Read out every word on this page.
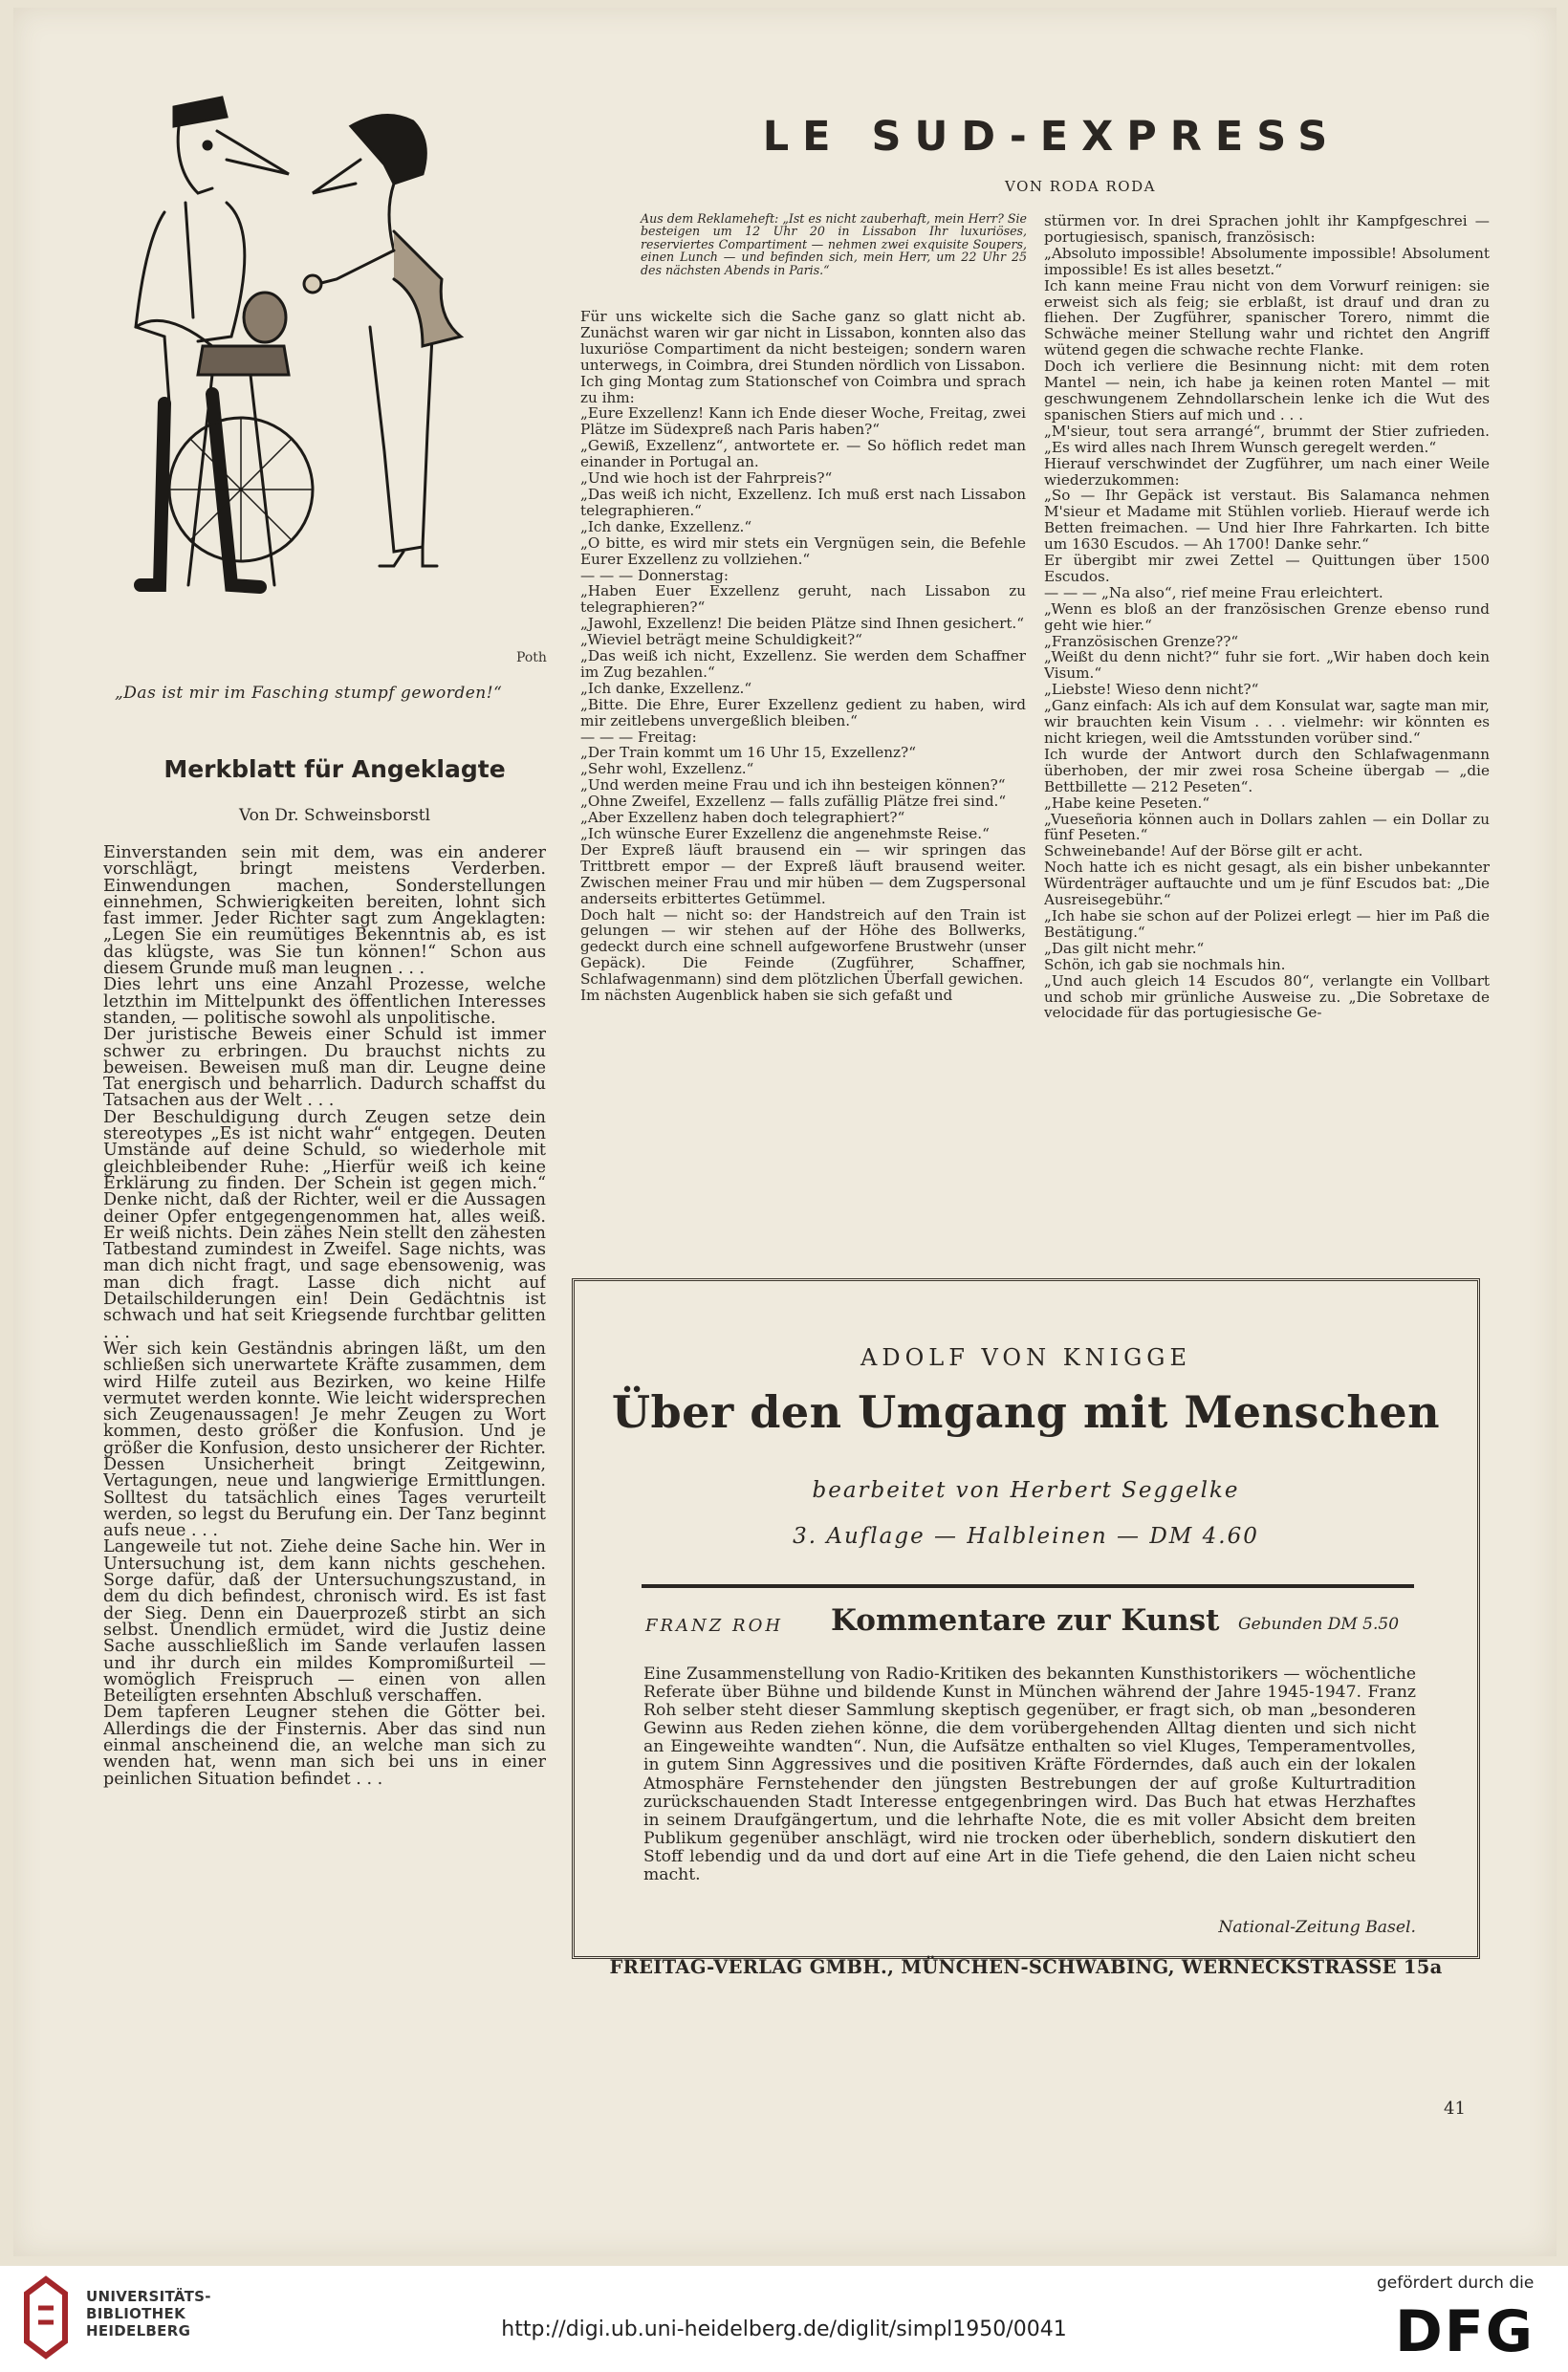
Poth
„Das ist mir im Fasching stumpf geworden!“
Merkblatt für Angeklagte
Von Dr. Schweinsborstl
Einverstanden sein mit dem, was ein anderer vorschlägt, bringt meistens Verderben. Einwendungen machen, Sonderstellungen einnehmen, Schwierigkeiten bereiten, lohnt sich fast immer. Jeder Richter sagt zum Angeklagten: „Legen Sie ein reumütiges Bekenntnis ab, es ist das klügste, was Sie tun können!“ Schon aus diesem Grunde muß man leugnen . . .
Dies lehrt uns eine Anzahl Prozesse, welche letzthin im Mittelpunkt des öffentlichen Interesses standen, — politische sowohl als unpolitische.
Der juristische Beweis einer Schuld ist immer schwer zu erbringen. Du brauchst nichts zu beweisen. Beweisen muß man dir. Leugne deine Tat energisch und beharrlich. Dadurch schaffst du Tatsachen aus der Welt . . .
Der Beschuldigung durch Zeugen setze dein stereotypes „Es ist nicht wahr“ entgegen. Deuten Umstände auf deine Schuld, so wiederhole mit gleichbleibender Ruhe: „Hierfür weiß ich keine Erklärung zu finden. Der Schein ist gegen mich.“ Denke nicht, daß der Richter, weil er die Aussagen deiner Opfer entgegengenommen hat, alles weiß. Er weiß nichts. Dein zähes Nein stellt den zähesten Tatbestand zumindest in Zweifel. Sage nichts, was man dich nicht fragt, und sage ebensowenig, was man dich fragt. Lasse dich nicht auf Detailschilderungen ein! Dein Gedächtnis ist schwach und hat seit Kriegsende furchtbar gelitten . . .
Wer sich kein Geständnis abringen läßt, um den schließen sich unerwartete Kräfte zusammen, dem wird Hilfe zuteil aus Bezirken, wo keine Hilfe vermutet werden konnte. Wie leicht widersprechen sich Zeugenaussagen! Je mehr Zeugen zu Wort kommen, desto größer die Konfusion. Und je größer die Konfusion, desto unsicherer der Richter. Dessen Unsicherheit bringt Zeitgewinn, Vertagungen, neue und langwierige Ermittlungen. Solltest du tatsächlich eines Tages verurteilt werden, so legst du Berufung ein. Der Tanz beginnt aufs neue . . .
Langeweile tut not. Ziehe deine Sache hin. Wer in Untersuchung ist, dem kann nichts geschehen. Sorge dafür, daß der Untersuchungszustand, in dem du dich befindest, chronisch wird. Es ist fast der Sieg. Denn ein Dauerprozeß stirbt an sich selbst. Unendlich ermüdet, wird die Justiz deine Sache ausschließlich im Sande verlaufen lassen und ihr durch ein mildes Kompromißurteil — womöglich Freispruch — einen von allen Beteiligten ersehnten Abschluß verschaffen.
Dem tapferen Leugner stehen die Götter bei. Allerdings die der Finsternis. Aber das sind nun einmal anscheinend die, an welche man sich zu wenden hat, wenn man sich bei uns in einer peinlichen Situation befindet . . .
LE SUD-EXPRESS
VON RODA RODA
Aus dem Reklameheft: „Ist es nicht zauberhaft, mein Herr? Sie besteigen um 12 Uhr 20 in Lissabon Ihr luxuriöses, reserviertes Compartiment — nehmen zwei exquisite Soupers, einen Lunch — und befinden sich, mein Herr, um 22 Uhr 25 des nächsten Abends in Paris.“
Für uns wickelte sich die Sache ganz so glatt nicht ab. Zunächst waren wir gar nicht in Lissabon, konnten also das luxuriöse Compartiment da nicht besteigen; sondern waren unterwegs, in Coimbra, drei Stunden nördlich von Lissabon.
Ich ging Montag zum Stationschef von Coimbra und sprach zu ihm:
„Eure Exzellenz! Kann ich Ende dieser Woche, Freitag, zwei Plätze im Südexpreß nach Paris haben?“
„Gewiß, Exzellenz“, antwortete er. — So höflich redet man einander in Portugal an.
„Und wie hoch ist der Fahrpreis?“
„Das weiß ich nicht, Exzellenz. Ich muß erst nach Lissabon telegraphieren.“
„Ich danke, Exzellenz.“
„O bitte, es wird mir stets ein Vergnügen sein, die Befehle Eurer Exzellenz zu vollziehen.“
— — — Donnerstag:
„Haben Euer Exzellenz geruht, nach Lissabon zu telegraphieren?“
„Jawohl, Exzellenz! Die beiden Plätze sind Ihnen gesichert.“
„Wieviel beträgt meine Schuldigkeit?“
„Das weiß ich nicht, Exzellenz. Sie werden dem Schaffner im Zug bezahlen.“
„Ich danke, Exzellenz.“
„Bitte. Die Ehre, Eurer Exzellenz gedient zu haben, wird mir zeitlebens unvergeßlich bleiben.“
— — — Freitag:
„Der Train kommt um 16 Uhr 15, Exzellenz?“
„Sehr wohl, Exzellenz.“
„Und werden meine Frau und ich ihn besteigen können?“
„Ohne Zweifel, Exzellenz — falls zufällig Plätze frei sind.“
„Aber Exzellenz haben doch telegraphiert?“
„Ich wünsche Eurer Exzellenz die angenehmste Reise.“
Der Expreß läuft brausend ein — wir springen das Trittbrett empor — der Expreß läuft brausend weiter. Zwischen meiner Frau und mir hüben — dem Zugspersonal anderseits erbittertes Getümmel.
Doch halt — nicht so: der Handstreich auf den Train ist gelungen — wir stehen auf der Höhe des Bollwerks, gedeckt durch eine schnell aufgeworfene Brustwehr (unser Gepäck). Die Feinde (Zugführer, Schaffner, Schlafwagenmann) sind dem plötzlichen Überfall gewichen.
Im nächsten Augenblick haben sie sich gefaßt und
stürmen vor. In drei Sprachen johlt ihr Kampfgeschrei — portugiesisch, spanisch, französisch:
„Absoluto impossible! Absolumente impossible! Absolument impossible! Es ist alles besetzt.“
Ich kann meine Frau nicht von dem Vorwurf reinigen: sie erweist sich als feig; sie erblaßt, ist drauf und dran zu fliehen. Der Zugführer, spanischer Torero, nimmt die Schwäche meiner Stellung wahr und richtet den Angriff wütend gegen die schwache rechte Flanke.
Doch ich verliere die Besinnung nicht: mit dem roten Mantel — nein, ich habe ja keinen roten Mantel — mit geschwungenem Zehndollarschein lenke ich die Wut des spanischen Stiers auf mich und . . .
„M'sieur, tout sera arrangé“, brummt der Stier zufrieden. „Es wird alles nach Ihrem Wunsch geregelt werden.“
Hierauf verschwindet der Zugführer, um nach einer Weile wiederzukommen:
„So — Ihr Gepäck ist verstaut. Bis Salamanca nehmen M'sieur et Madame mit Stühlen vorlieb. Hierauf werde ich Betten freimachen. — Und hier Ihre Fahrkarten. Ich bitte um 1630 Escudos. — Ah 1700! Danke sehr.“
Er übergibt mir zwei Zettel — Quittungen über 1500 Escudos.
— — — „Na also“, rief meine Frau erleichtert.
„Wenn es bloß an der französischen Grenze ebenso rund geht wie hier.“
„Französischen Grenze??“
„Weißt du denn nicht?“ fuhr sie fort. „Wir haben doch kein Visum.“
„Liebste! Wieso denn nicht?“
„Ganz einfach: Als ich auf dem Konsulat war, sagte man mir, wir brauchten kein Visum . . . vielmehr: wir könnten es nicht kriegen, weil die Amtsstunden vorüber sind.“
Ich wurde der Antwort durch den Schlafwagenmann überhoben, der mir zwei rosa Scheine übergab — „die Bettbillette — 212 Peseten“.
„Habe keine Peseten.“
„Vueseñoria können auch in Dollars zahlen — ein Dollar zu fünf Peseten.“
Schweinebande! Auf der Börse gilt er acht.
Noch hatte ich es nicht gesagt, als ein bisher unbekannter Würdenträger auftauchte und um je fünf Escudos bat: „Die Ausreisegebühr.“
„Ich habe sie schon auf der Polizei erlegt — hier im Paß die Bestätigung.“
„Das gilt nicht mehr.“
Schön, ich gab sie nochmals hin.
„Und auch gleich 14 Escudos 80“, verlangte ein Vollbart und schob mir grünliche Ausweise zu. „Die Sobretaxe de velocidade für das portugiesische Ge-
ADOLF VON KNIGGE
Über den Umgang mit Menschen
bearbeitet von Herbert Seggelke
3. Auflage — Halbleinen — DM 4.60
FRANZ ROH Kommentare zur Kunst Gebunden DM 5.50
Eine Zusammenstellung von Radio-Kritiken des bekannten Kunsthistorikers — wöchentliche Referate über Bühne und bildende Kunst in München während der Jahre 1945-1947. Franz Roh selber steht dieser Sammlung skeptisch gegenüber, er fragt sich, ob man „besonderen Gewinn aus Reden ziehen könne, die dem vorübergehenden Alltag dienten und sich nicht an Eingeweihte wandten“. Nun, die Aufsätze enthalten so viel Kluges, Temperamentvolles, in gutem Sinn Aggressives und die positiven Kräfte Förderndes, daß auch ein der lokalen Atmosphäre Fernstehender den jüngsten Bestrebungen der auf große Kulturtradition zurückschauenden Stadt Interesse entgegenbringen wird. Das Buch hat etwas Herzhaftes in seinem Draufgängertum, und die lehrhafte Note, die es mit voller Absicht dem breiten Publikum gegenüber anschlägt, wird nie trocken oder überheblich, sondern diskutiert den Stoff lebendig und da und dort auf eine Art in die Tiefe gehend, die den Laien nicht scheu macht.
National-Zeitung Basel.
FREITAG-VERLAG GMBH., MÜNCHEN-SCHWABING, WERNECKSTRASSE 15a
41
UNIVERSITÄTS-
BIBLIOTHEK
HEIDELBERG	http://digi.ub.uni-heidelberg.de/diglit/simpl1950/0041
gefördert durch die
DFG
